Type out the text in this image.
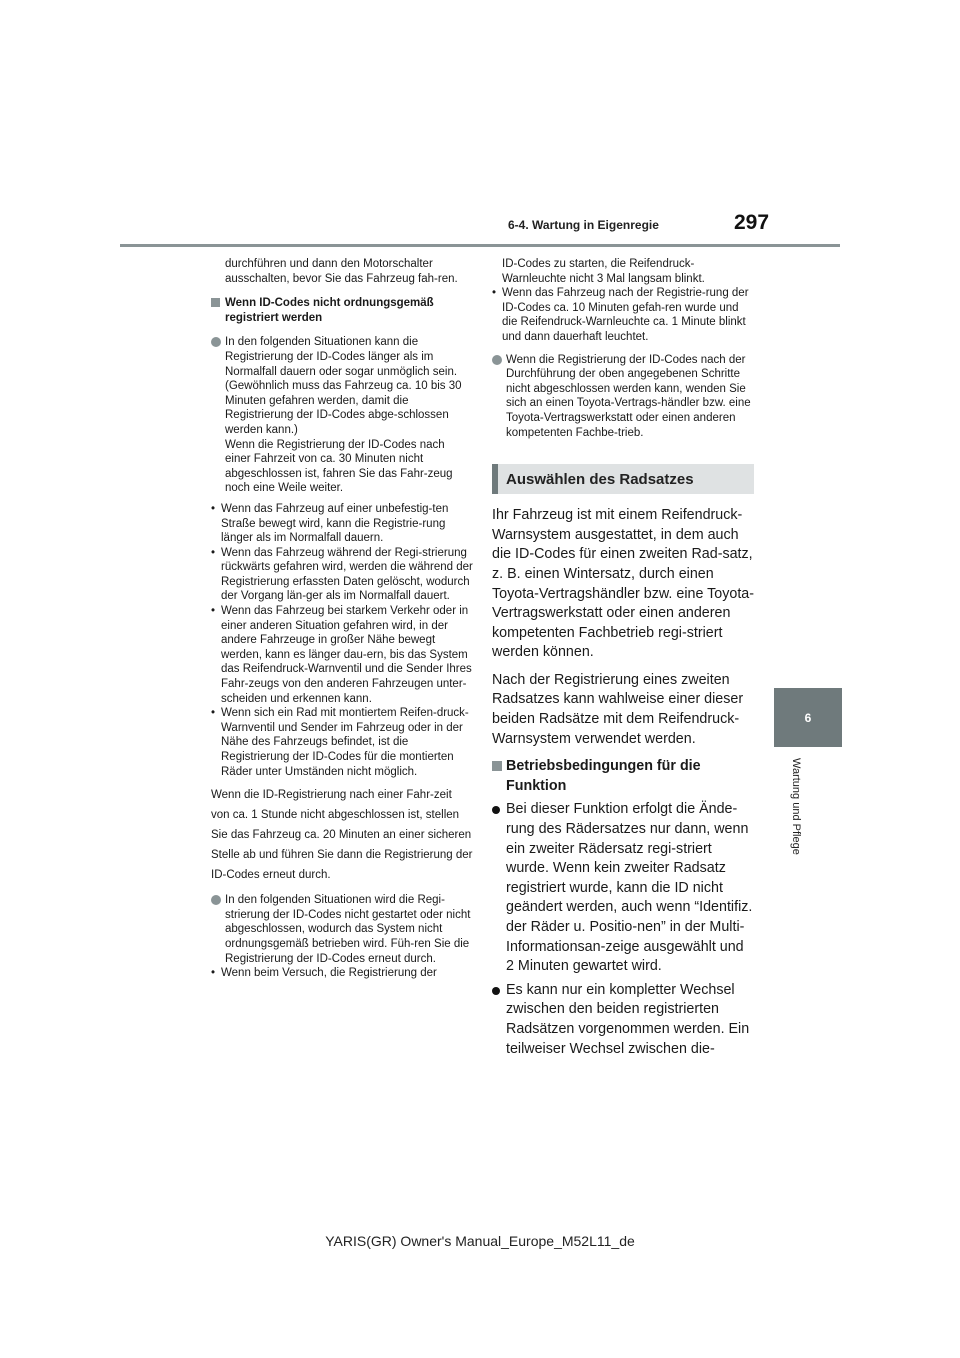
6-4. Wartung in Eigenregie	297
6
Wartung und Pflege

durchführen und dann den Motorschalter ausschalten, bevor Sie das Fahrzeug fah-ren.

Wenn ID-Codes nicht ordnungsgemäß registriert werden

In den folgenden Situationen kann die Registrierung der ID-Codes länger als im Normalfall dauern oder sogar unmöglich sein. (Gewöhnlich muss das Fahrzeug ca. 10 bis 30 Minuten gefahren werden, damit die Registrierung der ID-Codes abge-schlossen werden kann.)

Wenn die Registrierung der ID-Codes nach einer Fahrzeit von ca. 30 Minuten nicht abgeschlossen ist, fahren Sie das Fahr-zeug noch eine Weile weiter.

• Wenn das Fahrzeug auf einer unbefestig-ten Straße bewegt wird, kann die Registrie-rung länger als im Normalfall dauern.
• Wenn das Fahrzeug während der Regi-strierung rückwärts gefahren wird, werden die während der Registrierung erfassten Daten gelöscht, wodurch der Vorgang län-ger als im Normalfall dauert.
• Wenn das Fahrzeug bei starkem Verkehr oder in einer anderen Situation gefahren wird, in der andere Fahrzeuge in großer Nähe bewegt werden, kann es länger dau-ern, bis das System das Reifendruck-Warnventil und die Sender Ihres Fahr-zeugs von den anderen Fahrzeugen unter-scheiden und erkennen kann.
• Wenn sich ein Rad mit montiertem Reifen-druck-Warnventil und Sender im Fahrzeug oder in der Nähe des Fahrzeugs befindet, ist die Registrierung der ID-Codes für die montierten Räder unter Umständen nicht möglich.

Wenn die ID-Registrierung nach einer Fahr-zeit von ca. 1 Stunde nicht abgeschlossen ist, stellen Sie das Fahrzeug ca. 20 Minuten an einer sicheren Stelle ab und führen Sie dann die Registrierung der ID-Codes erneut durch.

In den folgenden Situationen wird die Regi-strierung der ID-Codes nicht gestartet oder nicht abgeschlossen, wodurch das System nicht ordnungsgemäß betrieben wird. Füh-ren Sie die Registrierung der ID-Codes erneut durch.

• Wenn beim Versuch, die Registrierung der

ID-Codes zu starten, die Reifendruck-Warnleuchte nicht 3 Mal langsam blinkt.

• Wenn das Fahrzeug nach der Registrie-rung der ID-Codes ca. 10 Minuten gefah-ren wurde und die Reifendruck-Warnleuchte ca. 1 Minute blinkt und dann dauerhaft leuchtet.

Wenn die Registrierung der ID-Codes nach der Durchführung der oben angegebenen Schritte nicht abgeschlossen werden kann, wenden Sie sich an einen Toyota-Vertrags-händler bzw. eine Toyota-Vertragswerkstatt oder einen anderen kompetenten Fachbe-trieb.

Auswählen des Radsatzes

Ihr Fahrzeug ist mit einem Reifendruck-Warnsystem ausgestattet, in dem auch die ID-Codes für einen zweiten Rad-satz, z. B. einen Wintersatz, durch einen Toyota-Vertragshändler bzw. eine Toyota-Vertragswerkstatt oder einen anderen kompetenten Fachbetrieb regi-striert werden können.

Nach der Registrierung eines zweiten Radsatzes kann wahlweise einer dieser beiden Radsätze mit dem Reifendruck-Warnsystem verwendet werden.

Betriebsbedingungen für die Funktion

Bei dieser Funktion erfolgt die Ände-rung des Rädersatzes nur dann, wenn ein zweiter Rädersatz regi-striert wurde. Wenn kein zweiter Radsatz registriert wurde, kann die ID nicht geändert werden, auch wenn “Identifiz. der Räder u. Positio-nen” in der Multi-Informationsan-zeige ausgewählt und 2 Minuten gewartet wird.

Es kann nur ein kompletter Wechsel zwischen den beiden registrierten Radsätzen vorgenommen werden. Ein teilweiser Wechsel zwischen die-

YARIS(GR) Owner's Manual_Europe_M52L11_de
